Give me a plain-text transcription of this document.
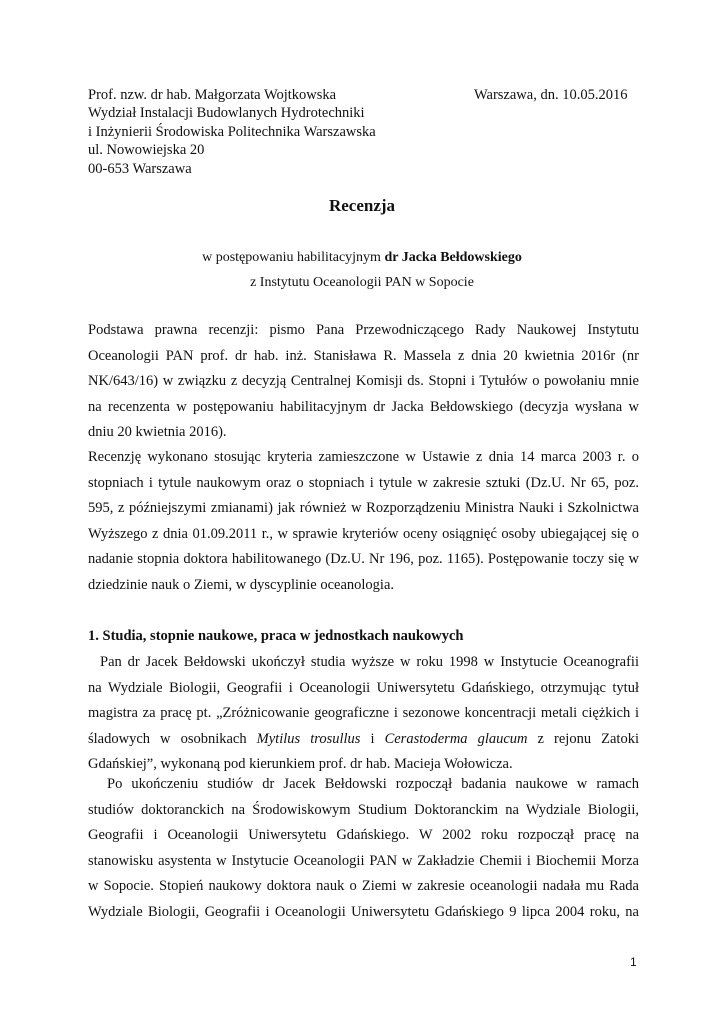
Prof. nzw. dr hab. Małgorzata Wojtkowska
Wydział Instalacji Budowlanych Hydrotechniki
i Inżynierii Środowiska Politechnika Warszawska
ul. Nowowiejska 20
00-653 Warszawa
Warszawa, dn. 10.05.2016
Recenzja
w postępowaniu habilitacyjnym dr Jacka Bełdowskiego
z Instytutu Oceanologii PAN w Sopocie
Podstawa prawna recenzji: pismo Pana Przewodniczącego Rady Naukowej Instytutu
Oceanologii PAN prof. dr hab. inż. Stanisława R. Massela z dnia 20 kwietnia 2016r (nr
NK/643/16) w związku z decyzją Centralnej Komisji ds. Stopni i Tytułów o powołaniu mnie
na recenzenta w postępowaniu habilitacyjnym dr Jacka Bełdowskiego (decyzja wysłana w
dniu 20 kwietnia 2016).
Recenzję wykonano stosując kryteria zamieszczone w Ustawie z dnia 14 marca 2003 r. o
stopniach i tytule naukowym oraz o stopniach i tytule w zakresie sztuki (Dz.U. Nr 65, poz.
595, z późniejszymi zmianami) jak również w Rozporządzeniu Ministra Nauki i Szkolnictwa
Wyższego z dnia 01.09.2011 r., w sprawie kryteriów oceny osiągnięć osoby ubiegającej się o
nadanie stopnia doktora habilitowanego (Dz.U. Nr 196, poz. 1165). Postępowanie toczy się w
dziedzinie nauk o Ziemi, w dyscyplinie oceanologia.
1. Studia, stopnie naukowe, praca w jednostkach naukowych
Pan dr Jacek Bełdowski ukończył studia wyższe w roku 1998 w Instytucie Oceanografii
na Wydziale Biologii, Geografii i Oceanologii Uniwersytetu Gdańskiego, otrzymując tytuł
magistra za pracę pt. „Zróżnicowanie geograficzne i sezonowe koncentracji metali ciężkich i
śladowych w osobnikach Mytilus trosullus i Cerastoderma glaucum z rejonu Zatoki
Gdańskiej”, wykonaną pod kierunkiem prof. dr hab. Macieja Wołowicza.
Po ukończeniu studiów dr Jacek Bełdowski rozpoczął badania naukowe w ramach
studiów doktoranckich na Środowiskowym Studium Doktoranckim na Wydziale Biologii,
Geografii i Oceanologii Uniwersytetu Gdańskiego. W 2002 roku rozpoczął pracę na
stanowisku asystenta w Instytucie Oceanologii PAN w Zakładzie Chemii i Biochemii Morza
w Sopocie. Stopień naukowy doktora nauk o Ziemi w zakresie oceanologii nadała mu Rada
Wydziale Biologii, Geografii i Oceanologii Uniwersytetu Gdańskiego 9 lipca 2004 roku, na
1
